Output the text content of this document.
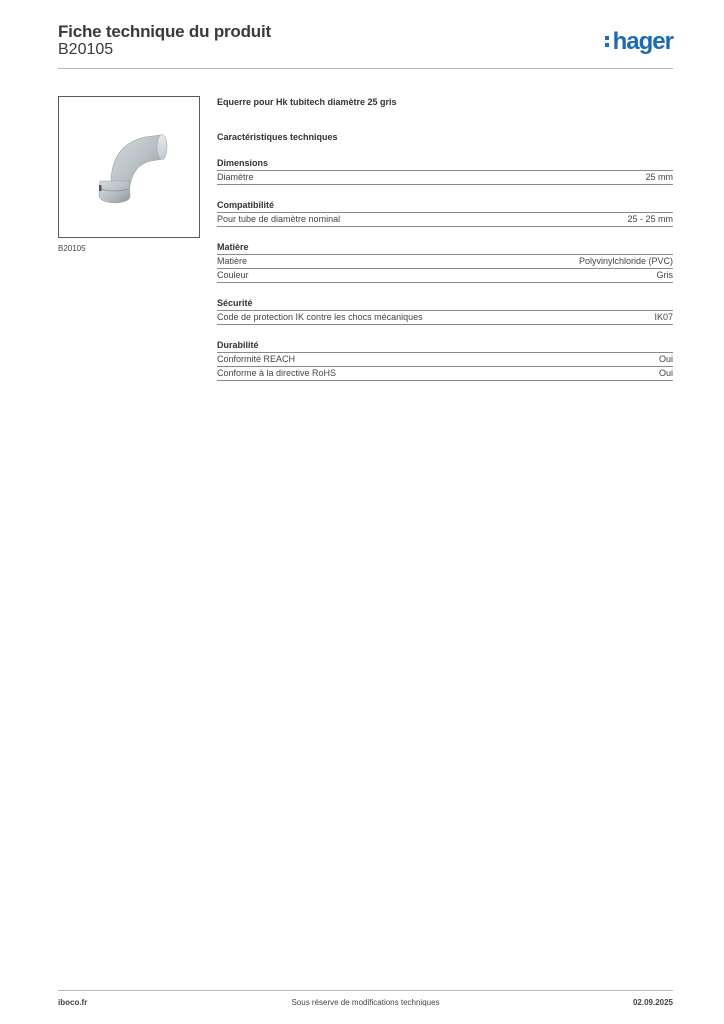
Fiche technique du produit
B20105	hager
B20105
Equerre pour Hk tubitech diamètre 25 gris
Caractéristiques techniques
Dimensions
Diamètre	25 mm
Compatibilité
Pour tube de diamètre nominal	25 - 25 mm
Matière
Matière	Polyvinylchloride (PVC)
Couleur	Gris
Sécurité
Code de protection IK contre les chocs mécaniques	IK07
Durabilité
Conformité REACH	Oui
Conforme à la directive RoHS	Oui
iboco.fr	Sous réserve de modifications techniques	02.09.2025
